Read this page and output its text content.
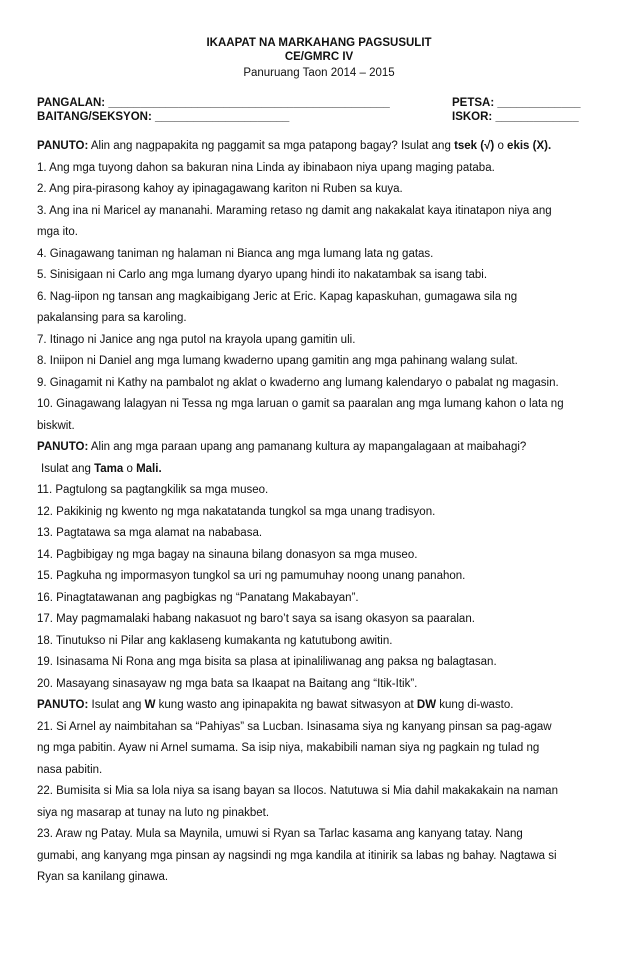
IKAAPAT NA MARKAHANG PAGSUSULIT
CE/GMRC IV
Panuruang Taon 2014 – 2015
PANGALAN: ____________________________________________	PETSA: _____________
BAITANG/SEKSYON: _____________________	ISKOR: _____________

PANUTO: Alin ang nagpapakita ng paggamit sa mga patapong bagay? Isulat ang tsek (√) o ekis (X).

1. Ang mga tuyong dahon sa bakuran nina Linda ay ibinabaon niya upang maging pataba.

2. Ang pira-pirasong kahoy ay ipinagagawang kariton ni Ruben sa kuya.

3. Ang ina ni Maricel ay mananahi. Maraming retaso ng damit ang nakakalat kaya itinatapon niya ang

mga ito.

4. Ginagawang taniman ng halaman ni Bianca ang mga lumang lata ng gatas.

5. Sinisigaan ni Carlo ang mga lumang dyaryo upang hindi ito nakatambak sa isang tabi.

6. Nag-iipon ng tansan ang magkaibigang Jeric at Eric. Kapag kapaskuhan, gumagawa sila ng

pakalansing para sa karoling.

7. Itinago ni Janice ang nga putol na krayola upang gamitin uli.

8. Iniipon ni Daniel ang mga lumang kwaderno upang gamitin ang mga pahinang walang sulat.

9. Ginagamit ni Kathy na pambalot ng aklat o kwaderno ang lumang kalendaryo o pabalat ng magasin.

10. Ginagawang lalagyan ni Tessa ng mga laruan o gamit sa paaralan ang mga lumang kahon o lata ng

biskwit.

PANUTO: Alin ang mga paraan upang ang pamanang kultura ay mapangalagaan at maibahagi?

Isulat ang Tama o Mali.

11. Pagtulong sa pagtangkilik sa mga museo.

12. Pakikinig ng kwento ng mga nakatatanda tungkol sa mga unang tradisyon.

13. Pagtatawa sa mga alamat na nababasa.

14. Pagbibigay ng mga bagay na sinauna bilang donasyon sa mga museo.

15. Pagkuha ng impormasyon tungkol sa uri ng pamumuhay noong unang panahon.

16. Pinagtatawanan ang pagbigkas ng “Panatang Makabayan”.

17. May pagmamalaki habang nakasuot ng baro’t saya sa isang okasyon sa paaralan.

18. Tinutukso ni Pilar ang kaklaseng kumakanta ng katutubong awitin.

19. Isinasama Ni Rona ang mga bisita sa plasa at ipinaliliwanag ang paksa ng balagtasan.

20. Masayang sinasayaw ng mga bata sa Ikaapat na Baitang ang “Itik-Itik”.

PANUTO: Isulat ang W kung wasto ang ipinapakita ng bawat sitwasyon at DW kung di-wasto.

21. Si Arnel ay naimbitahan sa “Pahiyas” sa Lucban. Isinasama siya ng kanyang pinsan sa pag-agaw

ng mga pabitin. Ayaw ni Arnel sumama. Sa isip niya, makabibili naman siya ng pagkain ng tulad ng

nasa pabitin.

22. Bumisita si Mia sa lola niya sa isang bayan sa Ilocos. Natutuwa si Mia dahil makakakain na naman

siya ng masarap at tunay na luto ng pinakbet.

23. Araw ng Patay. Mula sa Maynila, umuwi si Ryan sa Tarlac kasama ang kanyang tatay. Nang

gumabi, ang kanyang mga pinsan ay nagsindi ng mga kandila at itinirik sa labas ng bahay. Nagtawa si

Ryan sa kanilang ginawa.
